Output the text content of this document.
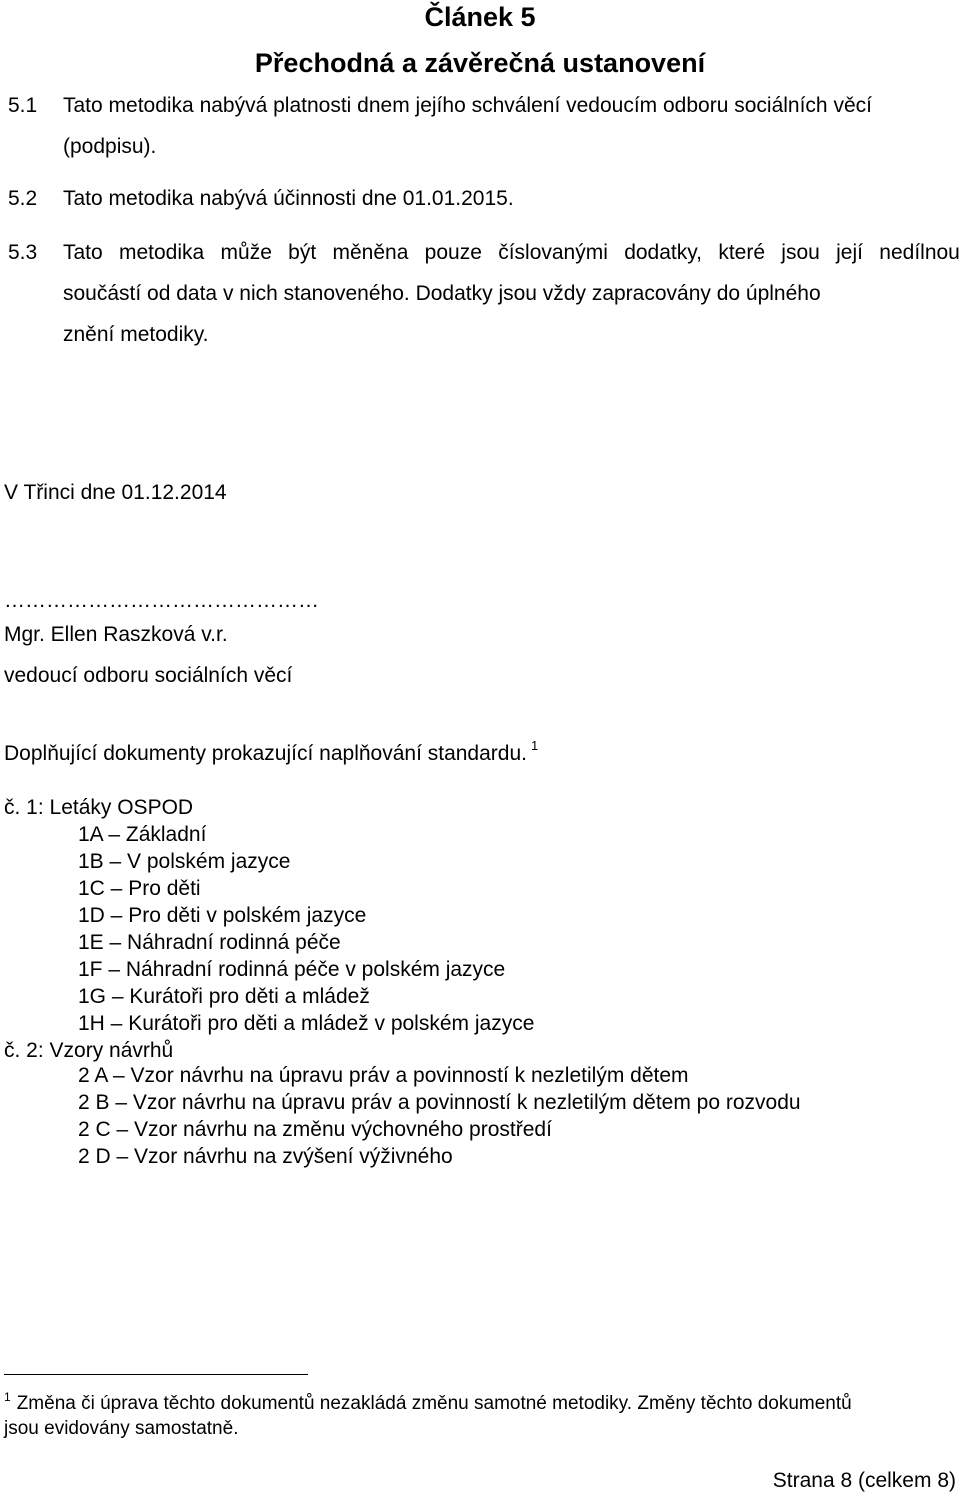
Článek 5
Přechodná a závěrečná ustanovení
5.1 Tato metodika nabývá platnosti dnem jejího schválení vedoucím odboru sociálních věcí
(podpisu).
5.2 Tato metodika nabývá účinnosti dne 01.01.2015.
5.3 Tato metodika může být měněna pouze číslovanými dodatky, které jsou její nedílnou
součástí od data v nich stanoveného. Dodatky jsou vždy zapracovány do úplného
znění metodiky.
V Třinci dne 01.12.2014
………………………………………
Mgr. Ellen Raszková v.r.
vedoucí odboru sociálních věcí
Doplňující dokumenty prokazující naplňování standardu. $^1$
č. 1: Letáky OSPOD
1A – Základní
1B – V polském jazyce
1C – Pro děti
1D – Pro děti v polském jazyce
1E – Náhradní rodinná péče
1F – Náhradní rodinná péče v polském jazyce
1G – Kurátoři pro děti a mládež
1H – Kurátoři pro děti a mládež v polském jazyce
č. 2: Vzory návrhů
2 A – Vzor návrhu na úpravu práv a povinností k nezletilým dětem
2 B – Vzor návrhu na úpravu práv a povinností k nezletilým dětem po rozvodu
2 C – Vzor návrhu na změnu výchovného prostředí
2 D – Vzor návrhu na zvýšení výživného
$^1$ Změna či úprava těchto dokumentů nezakládá změnu samotné metodiky. Změny těchto dokumentů
jsou evidovány samostatně.
Strana 8 (celkem 8)
